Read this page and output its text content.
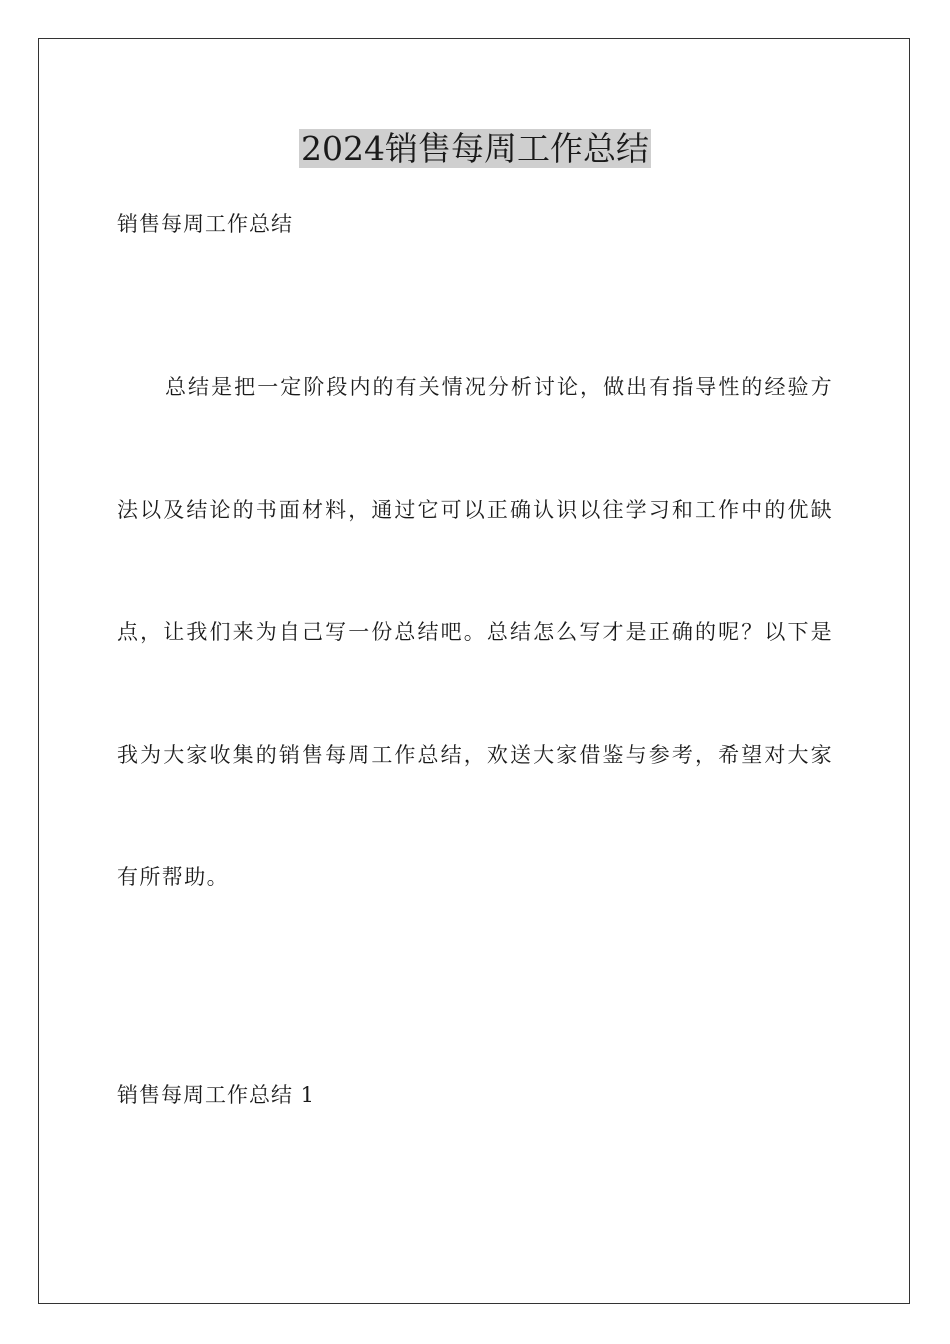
2024销售每周工作总结

销售每周工作总结

总结是把一定阶段内的有关情况分析讨论，做出有指导性的经验方法以及结论的书面材料，通过它可以正确认识以往学习和工作中的优缺点，让我们来为自己写一份总结吧。总结怎么写才是正确的呢？以下是我为大家收集的销售每周工作总结，欢送大家借鉴与参考，希望对大家有所帮助。

销售每周工作总结 1
